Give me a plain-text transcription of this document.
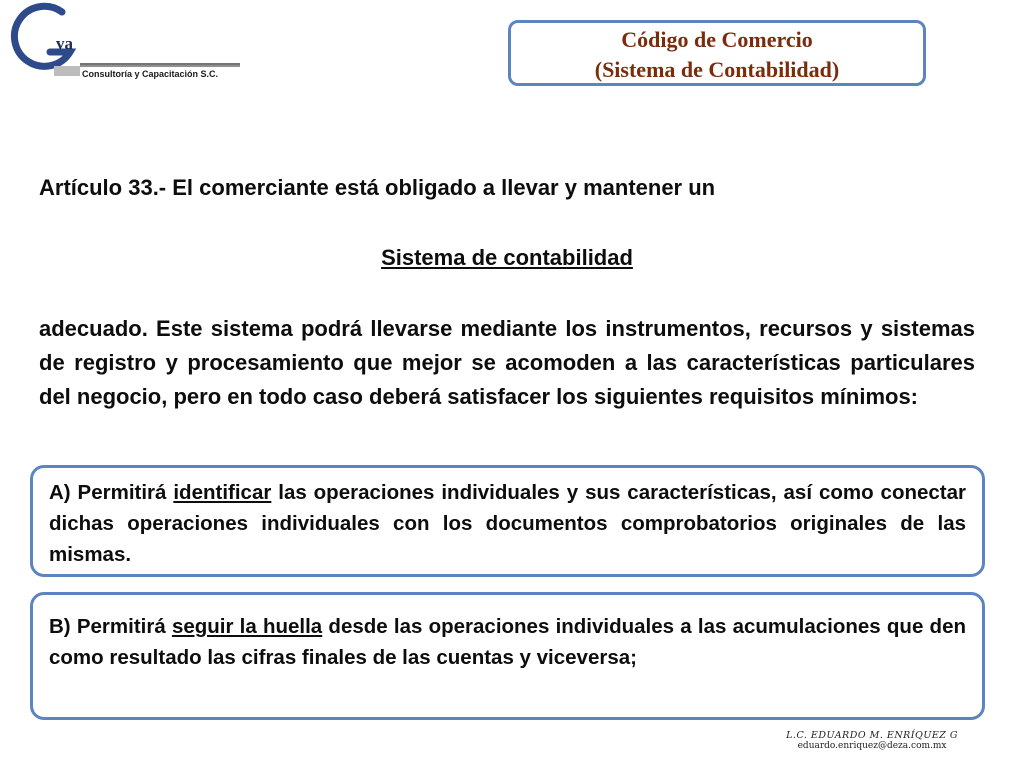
va
Consultoría y Capacitación S.C.
Código de Comercio
(Sistema de Contabilidad)
Artículo 33.- El comerciante está obligado a llevar y mantener un
Sistema de contabilidad
adecuado. Este sistema podrá llevarse mediante los instrumentos, recursos y sistemas de registro y procesamiento que mejor se acomoden a las características particulares del negocio, pero en todo caso deberá satisfacer los siguientes requisitos mínimos:
A) Permitirá identificar las operaciones individuales y sus características, así como conectar dichas operaciones individuales con los documentos comprobatorios originales de las mismas.
B) Permitirá seguir la huella desde las operaciones individuales a las acumulaciones que den como resultado las cifras finales de las cuentas y viceversa;
L.C. EDUARDO M. ENRÍQUEZ G
eduardo.enriquez@deza.com.mx
